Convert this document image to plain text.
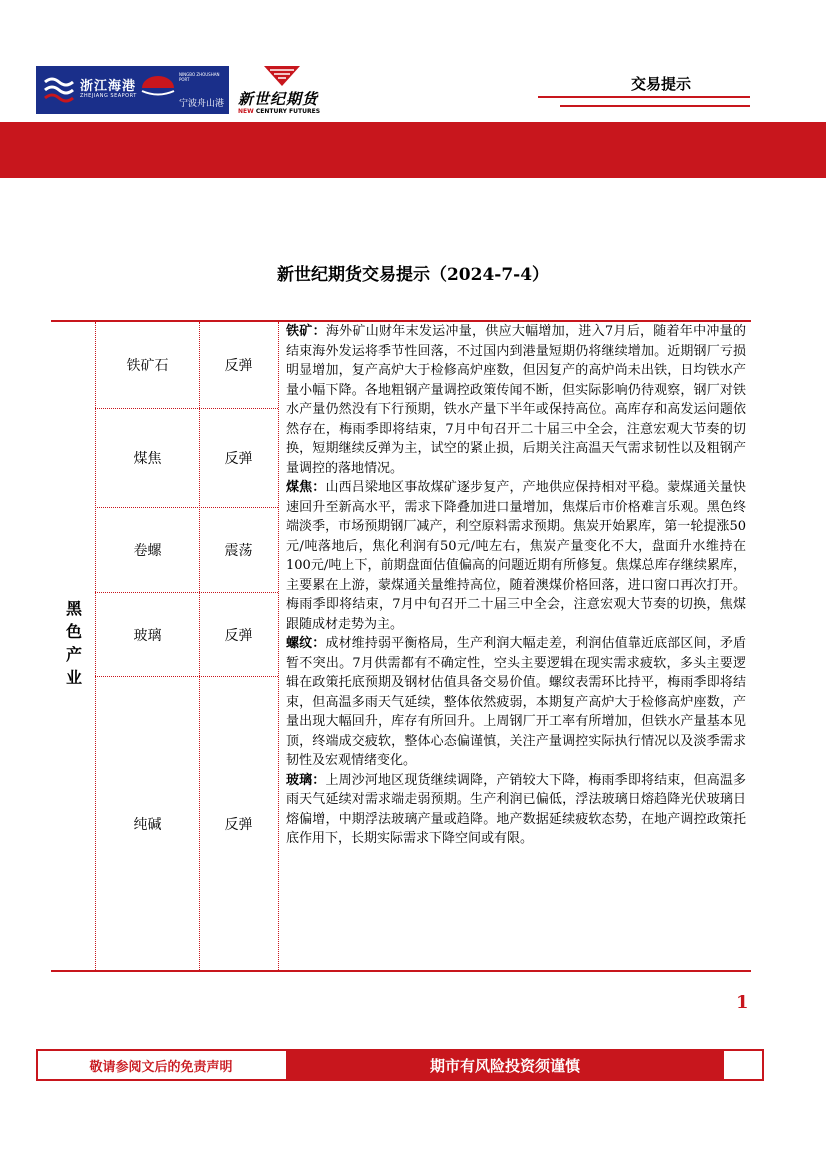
浙江海港
ZHEJIANG SEAPORT
NINGBO ZHOUSHAN PORT
宁波舟山港 新世纪期货
NEW CENTURY FUTURES
交易提示
新世纪期货交易提示（2024-7-4）
黑色产业
铁矿石	反弹
煤焦	反弹
卷螺	震荡
玻璃	反弹
纯碱	反弹

铁矿：海外矿山财年末发运冲量，供应大幅增加，进入7月后，随着年中冲量的结束海外发运将季节性回落，不过国内到港量短期仍将继续增加。近期钢厂亏损明显增加，复产高炉大于检修高炉座数，但因复产的高炉尚未出铁，日均铁水产量小幅下降。各地粗钢产量调控政策传闻不断，但实际影响仍待观察，钢厂对铁水产量仍然没有下行预期，铁水产量下半年或保持高位。高库存和高发运问题依然存在，梅雨季即将结束，7月中旬召开二十届三中全会，注意宏观大节奏的切换，短期继续反弹为主，试空的紧止损，后期关注高温天气需求韧性以及粗钢产量调控的落地情况。

煤焦：山西吕梁地区事故煤矿逐步复产，产地供应保持相对平稳。蒙煤通关量快速回升至新高水平，需求下降叠加进口量增加，焦煤后市价格难言乐观。黑色终端淡季，市场预期钢厂减产，利空原料需求预期。焦炭开始累库，第一轮提涨50元/吨落地后，焦化利润有50元/吨左右，焦炭产量变化不大，盘面升水维持在100元/吨上下，前期盘面估值偏高的问题近期有所修复。焦煤总库存继续累库，主要累在上游，蒙煤通关量维持高位，随着澳煤价格回落，进口窗口再次打开。梅雨季即将结束，7月中旬召开二十届三中全会，注意宏观大节奏的切换，焦煤跟随成材走势为主。

螺纹：成材维持弱平衡格局，生产利润大幅走差，利润估值靠近底部区间，矛盾暂不突出。7月供需都有不确定性，空头主要逻辑在现实需求疲软，多头主要逻辑在政策托底预期及钢材估值具备交易价值。螺纹表需环比持平，梅雨季即将结束，但高温多雨天气延续，整体依然疲弱，本期复产高炉大于检修高炉座数，产量出现大幅回升，库存有所回升。上周钢厂开工率有所增加，但铁水产量基本见顶，终端成交疲软，整体心态偏谨慎，关注产量调控实际执行情况以及淡季需求韧性及宏观情绪变化。

玻璃：上周沙河地区现货继续调降，产销较大下降，梅雨季即将结束，但高温多雨天气延续对需求端走弱预期。生产利润已偏低，浮法玻璃日熔趋降光伏玻璃日熔偏增，中期浮法玻璃产量或趋降。地产数据延续疲软态势，在地产调控政策托底作用下，长期实际需求下降空间或有限。

1
敬请参阅文后的免责声明	期市有风险投资须谨慎
